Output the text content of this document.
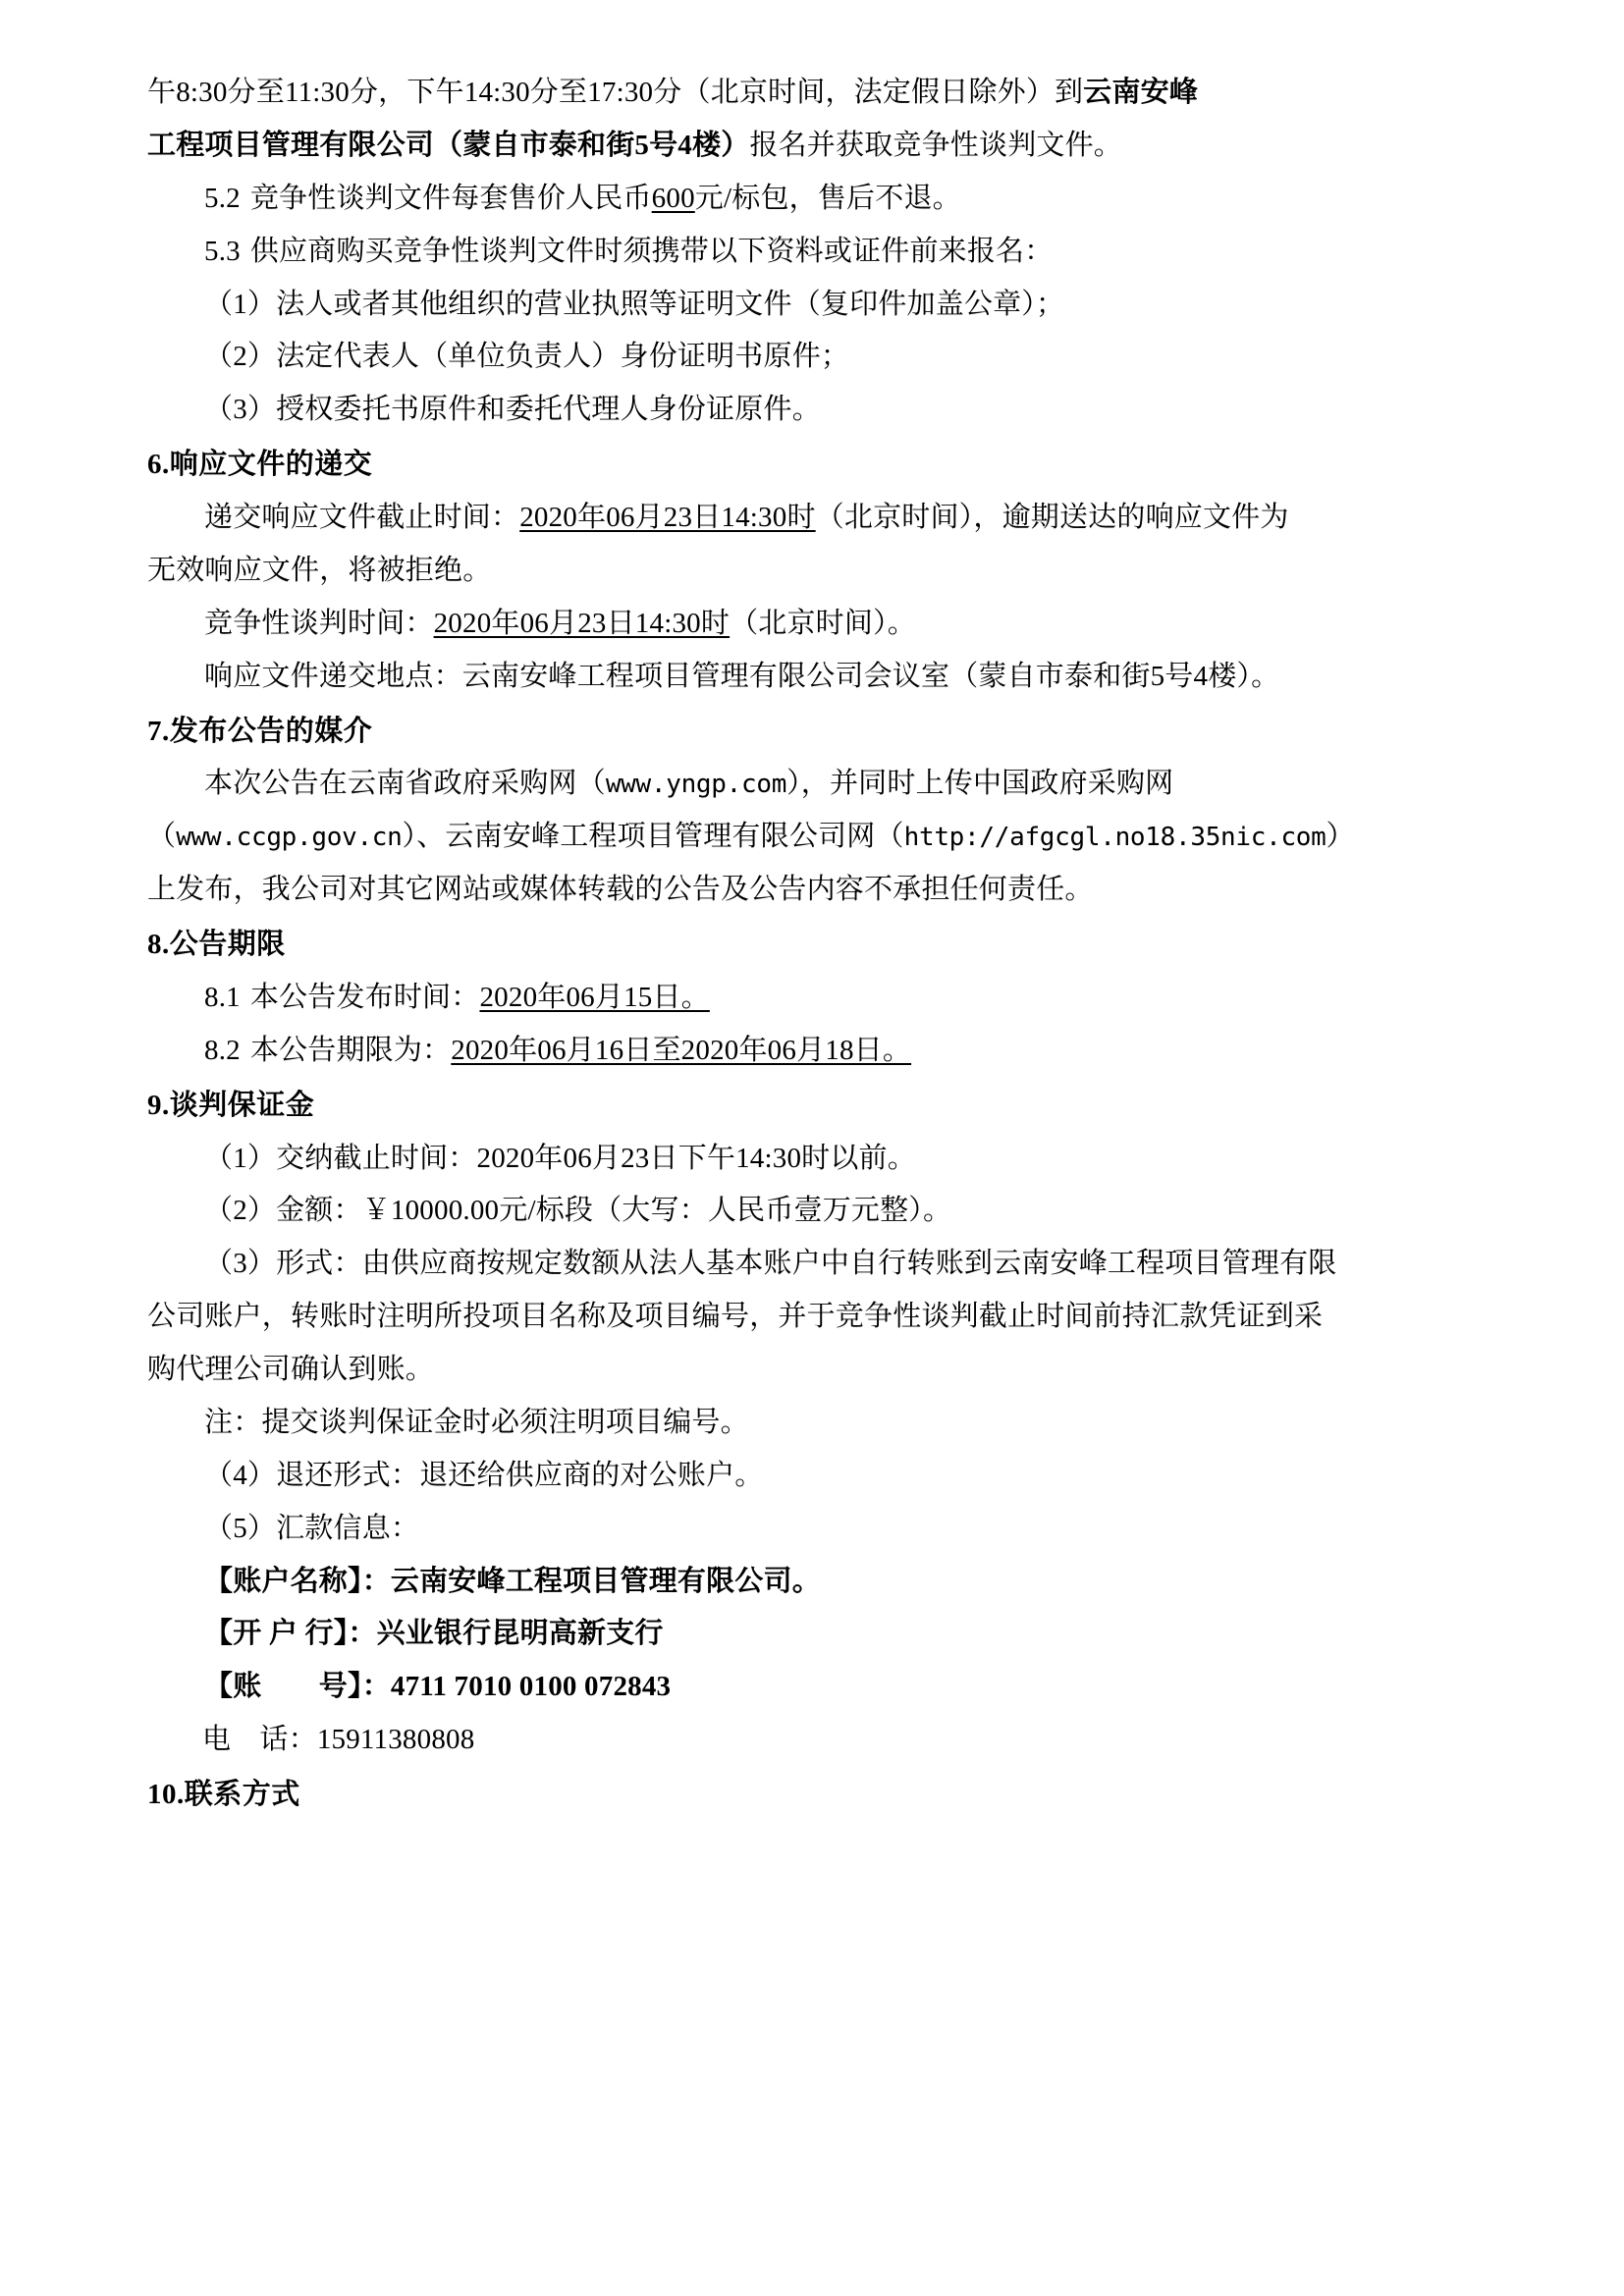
午8:30分至11:30分，下午14:30分至17:30分（北京时间，法定假日除外）到云南安峰

工程项目管理有限公司（蒙自市泰和街5号4楼）报名并获取竞争性谈判文件。

5.2 竞争性谈判文件每套售价人民币600元/标包，售后不退。

5.3 供应商购买竞争性谈判文件时须携带以下资料或证件前来报名：

（1）法人或者其他组织的营业执照等证明文件（复印件加盖公章）；

（2）法定代表人（单位负责人）身份证明书原件；

（3）授权委托书原件和委托代理人身份证原件。

6.响应文件的递交

递交响应文件截止时间：2020年06月23日14:30时（北京时间），逾期送达的响应文件为

无效响应文件，将被拒绝。

竞争性谈判时间：2020年06月23日14:30时（北京时间）。

响应文件递交地点：云南安峰工程项目管理有限公司会议室（蒙自市泰和街5号4楼）。

7.发布公告的媒介

本次公告在云南省政府采购网（www.yngp.com），并同时上传中国政府采购网

（www.ccgp.gov.cn）、云南安峰工程项目管理有限公司网（http://afgcgl.no18.35nic.com）

上发布，我公司对其它网站或媒体转载的公告及公告内容不承担任何责任。

8.公告期限

8.1 本公告发布时间：2020年06月15日。

8.2 本公告期限为：2020年06月16日至2020年06月18日。

9.谈判保证金

（1）交纳截止时间：2020年06月23日下午14:30时以前。

（2）金额：￥10000.00元/标段（大写：人民币壹万元整）。

（3）形式：由供应商按规定数额从法人基本账户中自行转账到云南安峰工程项目管理有限

公司账户，转账时注明所投项目名称及项目编号，并于竞争性谈判截止时间前持汇款凭证到采

购代理公司确认到账。

注：提交谈判保证金时必须注明项目编号。

（4）退还形式：退还给供应商的对公账户。

（5）汇款信息：

【账户名称】：云南安峰工程项目管理有限公司。

【开 户 行】：兴业银行昆明高新支行

【账　　号】：4711 7010 0100 072843

电　话：15911380808

10.联系方式
